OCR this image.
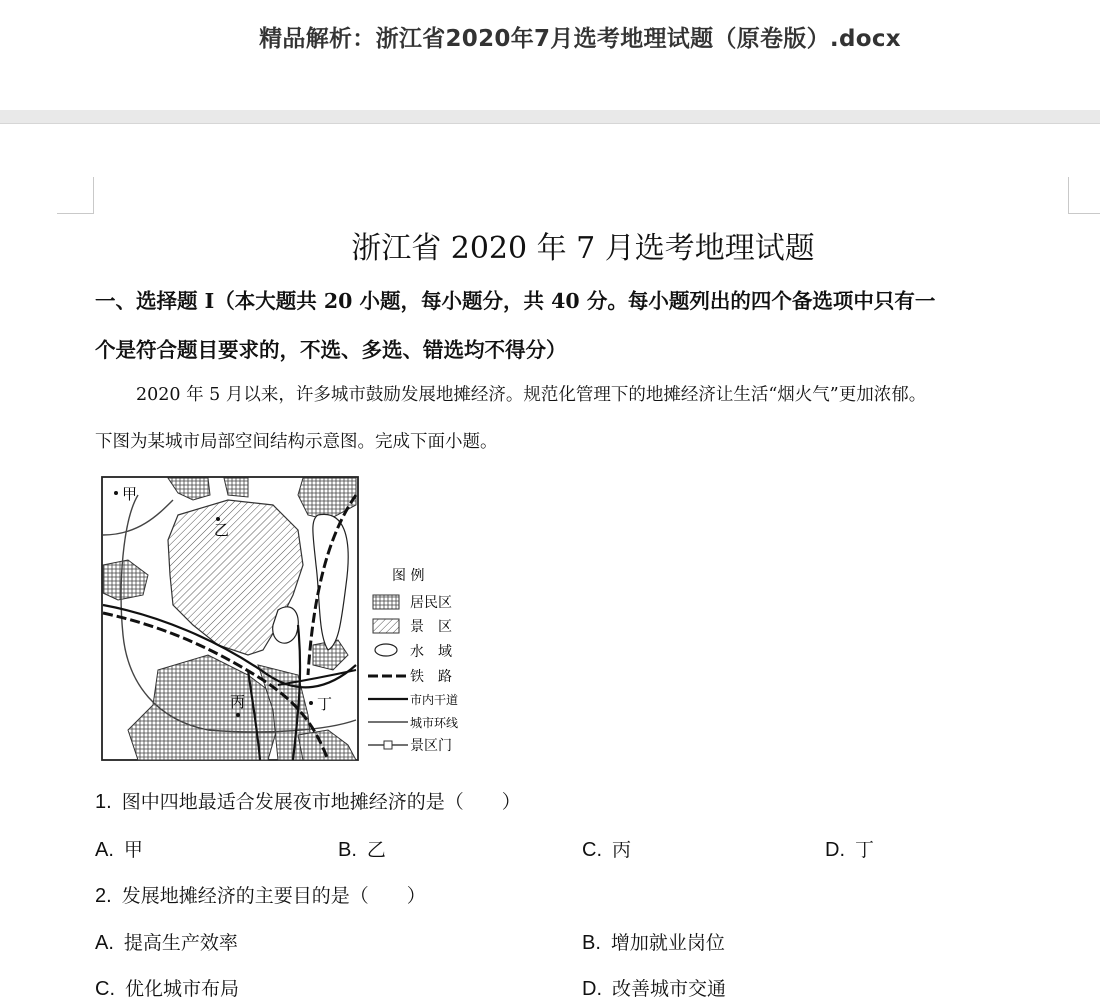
精品解析：浙江省2020年7月选考地理试题（原卷版）.docx
浙江省 2020 年 7 月选考地理试题
一、选择题 I（本大题共 20 小题，每小题分，共 40 分。每小题列出的四个备选项中只有一
个是符合题目要求的，不选、多选、错选均不得分）
2020 年 5 月以来，许多城市鼓励发展地摊经济。规范化管理下的地摊经济让生活“烟火气”更加浓郁。
下图为某城市局部空间结构示意图。完成下面小题。
甲
乙
丙	丁
图 例
居民区
景　区
水　域
铁　路
市内干道
城市环线
景区门
1. 图中四地最适合发展夜市地摊经济的是（　　）
A. 甲	B. 乙	C. 丙	D. 丁
2. 发展地摊经济的主要目的是（　　）
A. 提高生产效率	B. 增加就业岗位
C. 优化城市布局	D. 改善城市交通
